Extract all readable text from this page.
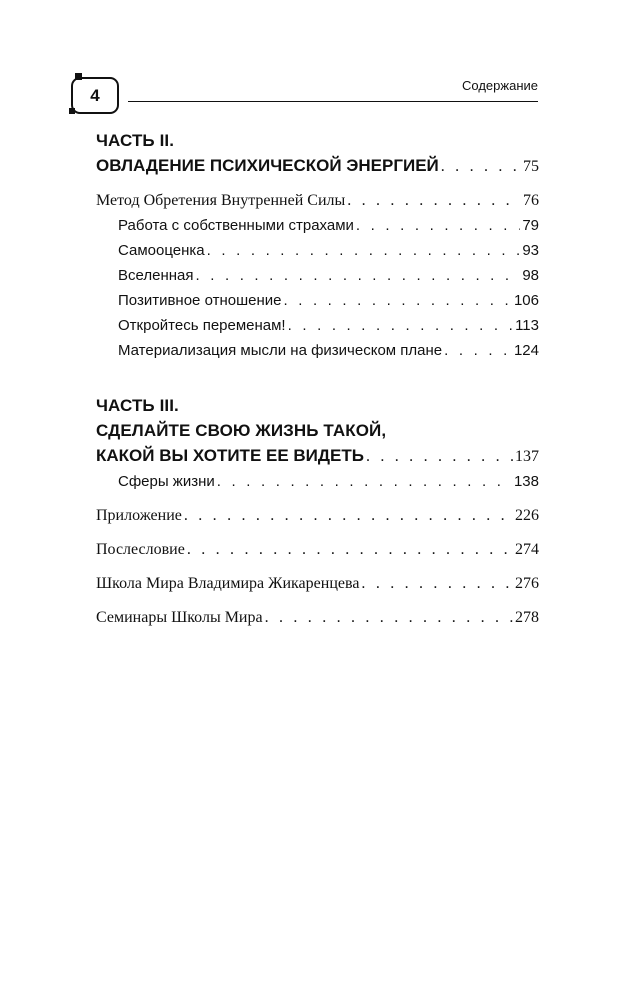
4	Содержание
ЧАСТЬ II.
ОВЛАДЕНИЕ ПСИХИЧЕСКОЙ ЭНЕРГИЕЙ . . .	75
Метод Обретения Внутренней Силы . . .	76
Работа с собственными страхами . . .	79
Самооценка . . .	93
Вселенная . . .	98
Позитивное отношение . . .	106
Откройтесь переменам! . . .	113
Материализация мысли на физическом плане . . .	124
ЧАСТЬ III.
СДЕЛАЙТЕ СВОЮ ЖИЗНЬ ТАКОЙ,
КАКОЙ ВЫ ХОТИТЕ ЕЕ ВИДЕТЬ . . .	137
Сферы жизни . . .	138
Приложение . . .	226
Послесловие . . .	274
Школа Мира Владимира Жикаренцева . . .	276
Семинары Школы Мира . . .	278
